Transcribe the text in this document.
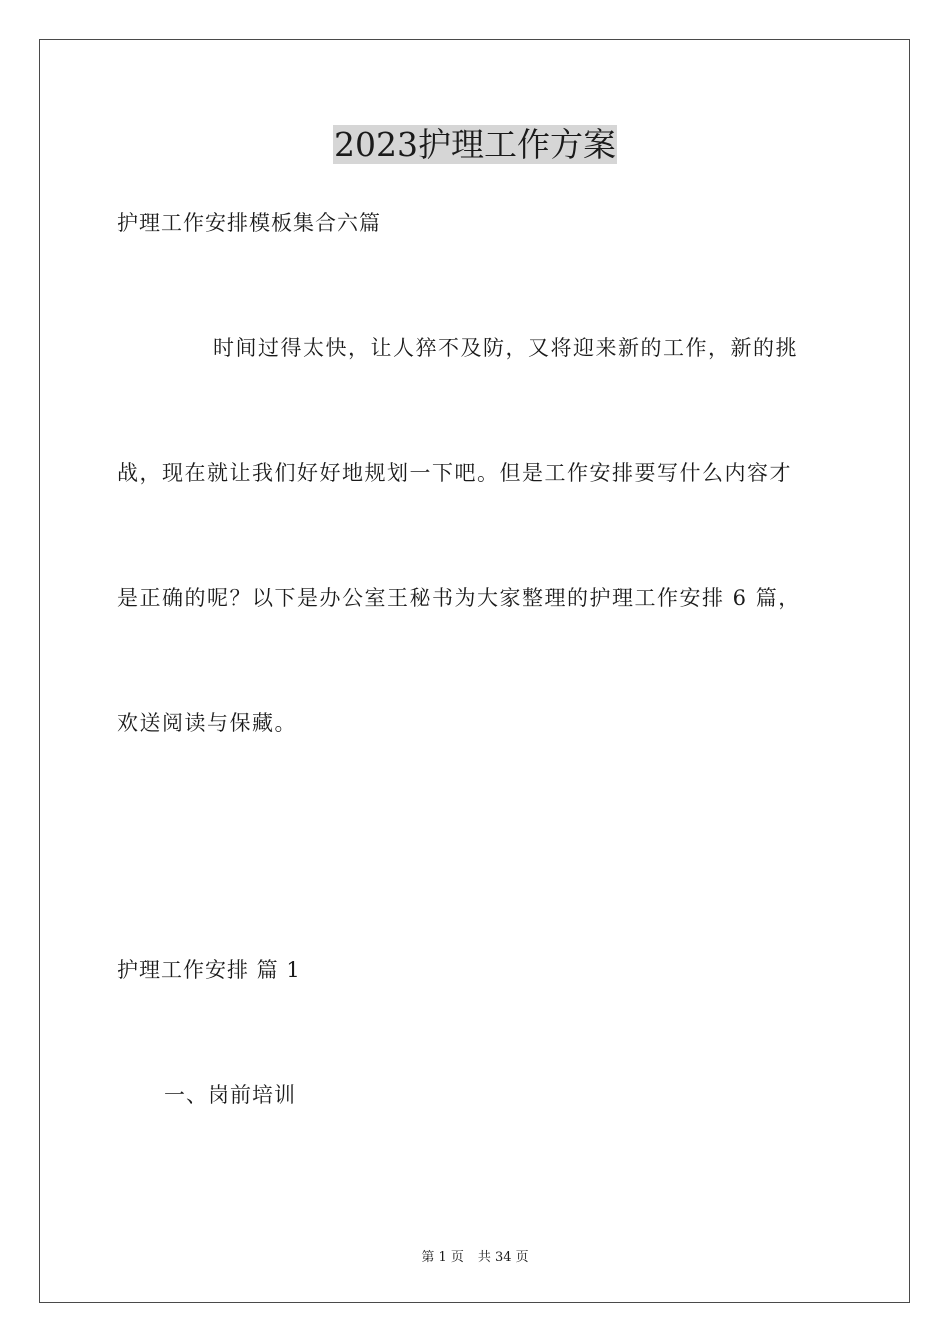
2023护理工作方案

护理工作安排模板集合六篇

时间过得太快，让人猝不及防，又将迎来新的工作，新的挑

战，现在就让我们好好地规划一下吧。但是工作安排要写什么内容才

是正确的呢？以下是办公室王秘书为大家整理的护理工作安排 6 篇，

欢送阅读与保藏。

护理工作安排 篇 1

一、岗前培训

第 1 页 共 34 页
